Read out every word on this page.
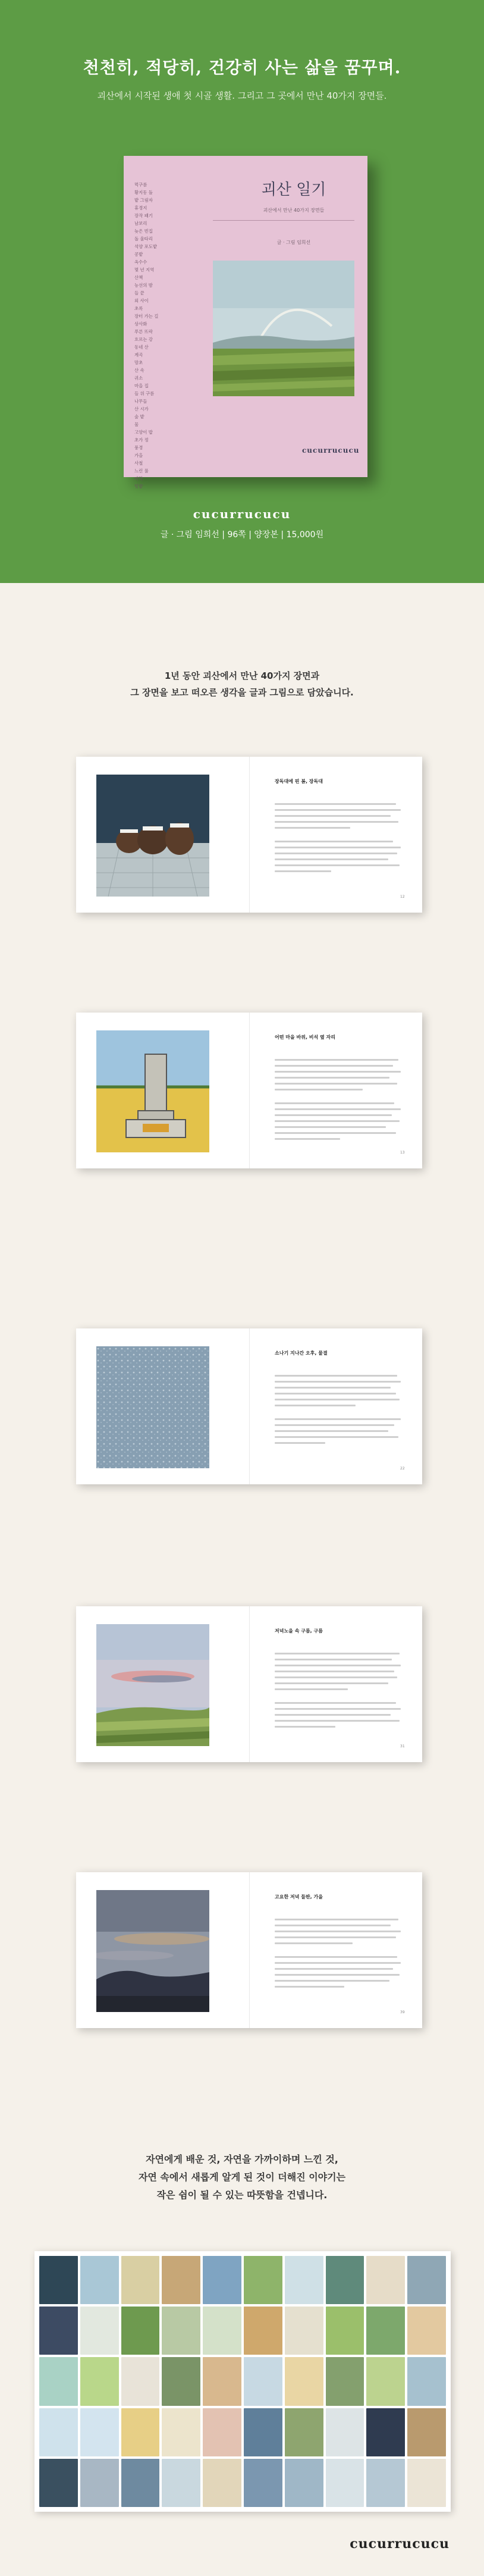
천천히, 적당히, 건강히 사는 삶을 꿈꾸며.
괴산에서 시작된 생애 첫 시골 생활. 그리고 그 곳에서 만난 40가지 장면들.
먹구름
황지동 돌
밭 그림자
휴경지
장작 패기
남보리
늦은 빈집
돌 울타리
석양 포도밭
콩밭
옥수수
몇 년 지역
산책
능선의 밤
들 끝
외 사이
초록
장터 가는 길
상사화
푸른 뜨락
흐르는 강
동네 산
계곡
망초
산 속
귀소
마을 집
들 위 구름
나무들
산 시가
숲 밭
물
고양이 밥
초가 정
풍경
가을
사철
느린 풀
바닥
텃밭
괴산 일기
괴산에서 만난 40가지 장면들
글 · 그림 임희선
cucurrucucu
cucurrucucu
글 · 그림 임희선 | 96쪽 | 양장본 | 15,000원
1년 동안 괴산에서 만난 40가지 장면과
그 장면을 보고 떠오른 생각을 글과 그림으로 담았습니다.
장독대에 핀 봄, 장독대
12
어떤 마을 바위, 비석 옆 자리
13
소나기 지나간 오후, 물결
22
저녁노을 속 구름, 구름
31
고요한 저녁 들판, 가을
39
자연에게 배운 것, 자연을 가까이하며 느낀 것,
자연 속에서 새롭게 알게 된 것이 더해진 이야기는
작은 쉼이 될 수 있는 따뜻함을 건넵니다.
cucurrucucu
